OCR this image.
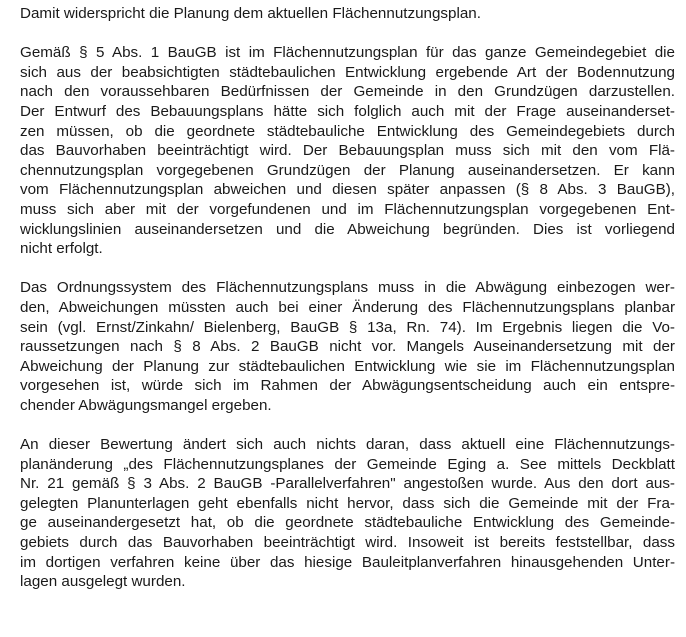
Damit widerspricht die Planung dem aktuellen Flächennutzungsplan.

Gemäß § 5 Abs. 1 BauGB ist im Flächennutzungsplan für das ganze Gemeindegebiet die
sich aus der beabsichtigten städtebaulichen Entwicklung ergebende Art der Bodennutzung
nach den voraussehbaren Bedürfnissen der Gemeinde in den Grundzügen darzustellen.
Der Entwurf des Bebauungsplans hätte sich folglich auch mit der Frage auseinanderset-
zen müssen, ob die geordnete städtebauliche Entwicklung des Gemeindegebiets durch
das Bauvorhaben beeinträchtigt wird. Der Bebauungsplan muss sich mit den vom Flä-
chennutzungsplan vorgegebenen Grundzügen der Planung auseinandersetzen. Er kann
vom Flächennutzungsplan abweichen und diesen später anpassen (§ 8 Abs. 3 BauGB),
muss sich aber mit der vorgefundenen und im Flächennutzungsplan vorgegebenen Ent-
wicklungslinien auseinandersetzen und die Abweichung begründen. Dies ist vorliegend
nicht erfolgt.

Das Ordnungssystem des Flächennutzungsplans muss in die Abwägung einbezogen wer-
den, Abweichungen müssten auch bei einer Änderung des Flächennutzungsplans planbar
sein (vgl. Ernst/Zinkahn/ Bielenberg, BauGB § 13a, Rn. 74). Im Ergebnis liegen die Vo-
raussetzungen nach § 8 Abs. 2 BauGB nicht vor. Mangels Auseinandersetzung mit der
Abweichung der Planung zur städtebaulichen Entwicklung wie sie im Flächennutzungsplan
vorgesehen ist, würde sich im Rahmen der Abwägungsentscheidung auch ein entspre-
chender Abwägungsmangel ergeben.

An dieser Bewertung ändert sich auch nichts daran, dass aktuell eine Flächennutzungs-
planänderung „des Flächennutzungsplanes der Gemeinde Eging a. See mittels Deckblatt
Nr. 21 gemäß § 3 Abs. 2 BauGB -Parallelverfahren" angestoßen wurde. Aus den dort aus-
gelegten Planunterlagen geht ebenfalls nicht hervor, dass sich die Gemeinde mit der Fra-
ge auseinandergesetzt hat, ob die geordnete städtebauliche Entwicklung des Gemeinde-
gebiets durch das Bauvorhaben beeinträchtigt wird. Insoweit ist bereits feststellbar, dass
im dortigen verfahren keine über das hiesige Bauleitplanverfahren hinausgehenden Unter-
lagen ausgelegt wurden.
